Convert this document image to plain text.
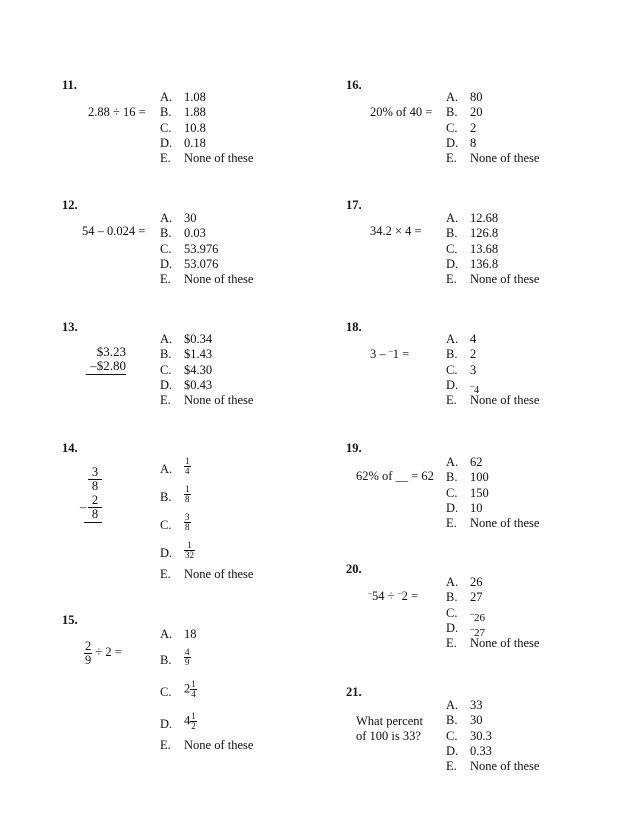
11.
2.88 ÷ 16 =
A. 1.08
B.	1.88
C.	10.8
D. 0.18
E.	None of these
12.
54 – 0.024 =
A. 30
B.	0.03
C.	53.976
D. 53.076
E.	None of these
13.
$3.23
–$2.80
A. $0.34
B.	$1.43
C.	$4.30
D. $0.43
E.	None of these
14.
$\frac{3}{8}$
– $\frac{2}{8}$
A.	$\frac{1}{4}$
B.	$\frac{1}{8}$
C.	$\frac{3}{8}$
D.	$\frac{1}{32}$
E.	None of these
15.
$\frac{2}{9} \div 2$ =
A. 18
B.	$\frac{4}{9}$
C.	$2 \frac{1}{4}$
D. $4 \frac{1}{2}$
E.	None of these
16.
20% of 40 =
A. 80
B.	20
C.	2
D. 8
E.	None of these
17.
34.2 × 4 =
A. 12.68
B.	126.8
C.	13.68
D. 136.8
E.	None of these
18.
3 – –1 =
A. 4
B.	2
C.	3
D.	–4
E.	None of these
19.
62% of __ = 62
A. 62
B.	100
C.	150
D. 10
E.	None of these
20.
–54 ÷ –2 =
A. 26
B.	27
C.	–26
D.	–27
E.	None of these
21.
What percent
of 100 is 33?
A. 33
B.	30
C.	30.3
D. 0.33
E.	None of these
